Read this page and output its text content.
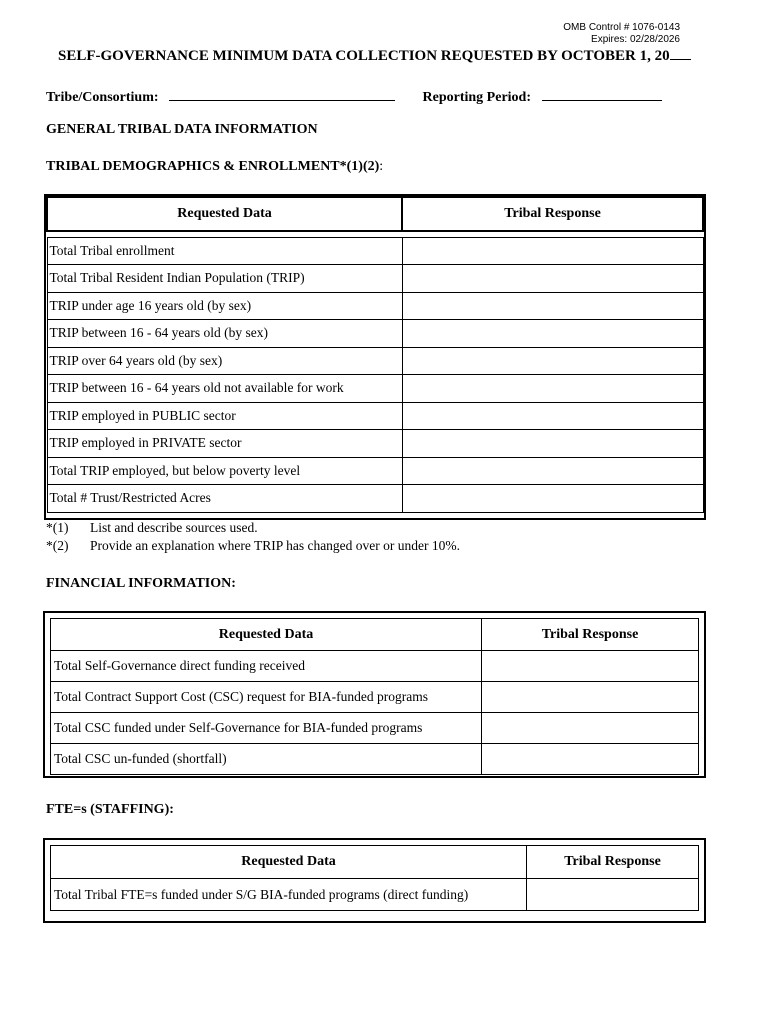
OMB Control # 1076-0143
Expires: 02/28/2026
SELF-GOVERNANCE MINIMUM DATA COLLECTION REQUESTED BY OCTOBER 1, 20
Tribe/Consortium:	Reporting Period:
GENERAL TRIBAL DATA INFORMATION
TRIBAL DEMOGRAPHICS & ENROLLMENT*(1)(2):
Requested Data	Tribal Response

Total Tribal enrollment	
Total Tribal Resident Indian Population (TRIP)	
TRIP under age 16 years old (by sex)	
TRIP between 16 - 64 years old (by sex)	
TRIP over 64 years old (by sex)	
TRIP between 16 - 64 years old not available for work	
TRIP employed in PUBLIC sector	
TRIP employed in PRIVATE sector	
Total TRIP employed, but below poverty level	
Total # Trust/Restricted Acres	
*(1) List and describe sources used.
*(2) Provide an explanation where TRIP has changed over or under 10%.
FINANCIAL INFORMATION:
Requested Data	Tribal Response
Total Self-Governance direct funding received	
Total Contract Support Cost (CSC) request for BIA-funded programs	
Total CSC funded under Self-Governance for BIA-funded programs	
Total CSC un-funded (shortfall)	
FTE=s (STAFFING):
Requested Data	Tribal Response
Total Tribal FTE=s funded under S/G BIA-funded programs (direct funding)	
